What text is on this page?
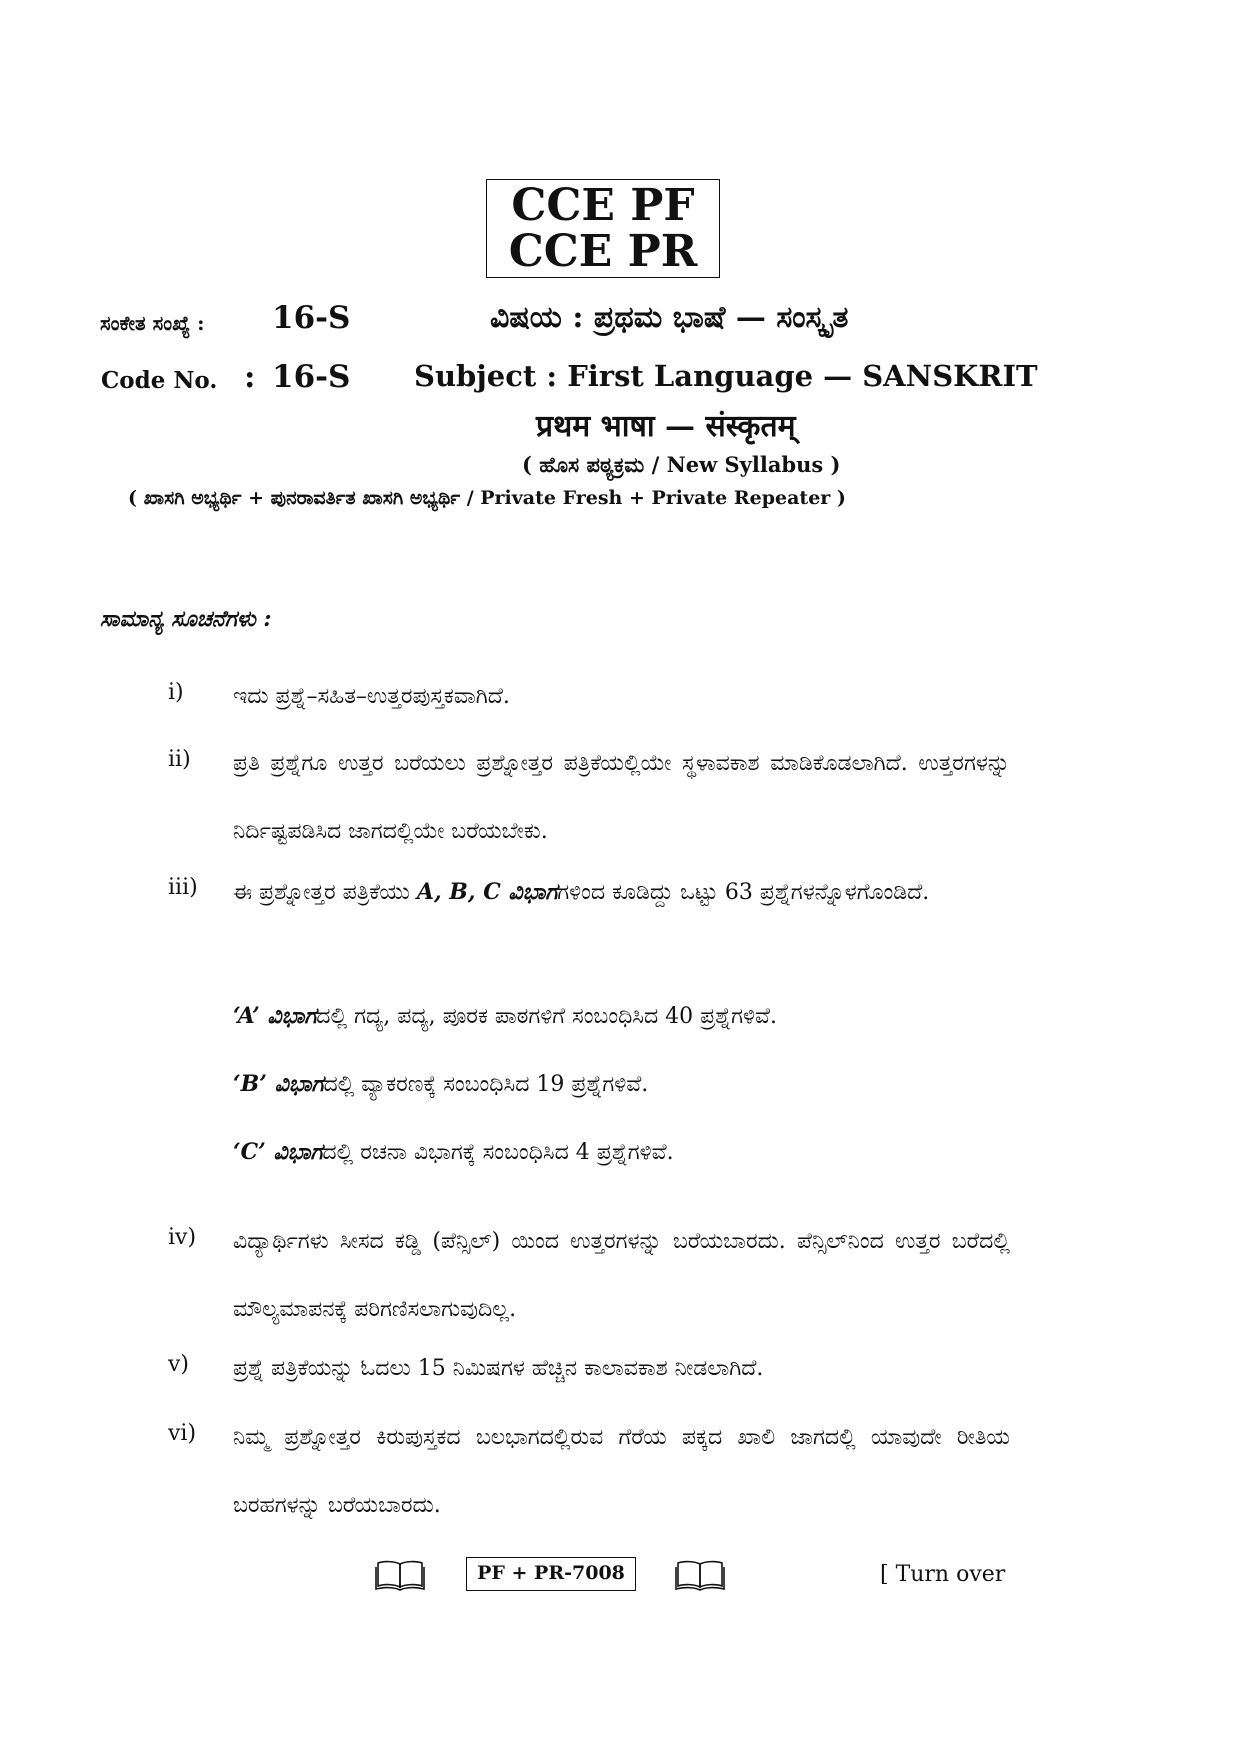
CCE PF
CCE PR
ಸಂಕೇತ ಸಂಖ್ಯೆ : 16-S	ವಿಷಯ : ಪ್ರಥಮ ಭಾಷೆ — ಸಂಸ್ಕೃತ
Code No. : 16-S Subject : First Language — SANSKRIT
प्रथम भाषा — संस्कृतम्
( ಹೊಸ ಪಠ್ಯಕ್ರಮ / New Syllabus )
( ಖಾಸಗಿ ಅಭ್ಯರ್ಥಿ + ಪುನರಾವರ್ತಿತ ಖಾಸಗಿ ಅಭ್ಯರ್ಥಿ / Private Fresh + Private Repeater )
ಸಾಮಾನ್ಯ ಸೂಚನೆಗಳು :
i)	ಇದು ಪ್ರಶ್ನೆ–ಸಹಿತ–ಉತ್ತರಪುಸ್ತಕವಾಗಿದೆ.
ii)	ಪ್ರತಿ ಪ್ರಶ್ನೆಗೂ ಉತ್ತರ ಬರೆಯಲು ಪ್ರಶ್ನೋತ್ತರ ಪತ್ರಿಕೆಯಲ್ಲಿಯೇ ಸ್ಥಳಾವಕಾಶ ಮಾಡಿಕೊಡಲಾಗಿದೆ. ಉತ್ತರಗಳನ್ನು ನಿರ್ದಿಷ್ಟಪಡಿಸಿದ ಜಾಗದಲ್ಲಿಯೇ ಬರೆಯಬೇಕು.
iii)	ಈ ಪ್ರಶ್ನೋತ್ತರ ಪತ್ರಿಕೆಯು A, B, C ವಿಭಾಗಗಳಿಂದ ಕೂಡಿದ್ದು ಒಟ್ಟು 63 ಪ್ರಶ್ನೆಗಳನ್ನೊಳಗೊಂಡಿದೆ.
‘A’ ವಿಭಾಗದಲ್ಲಿ ಗದ್ಯ, ಪದ್ಯ, ಪೂರಕ ಪಾಠಗಳಿಗೆ ಸಂಬಂಧಿಸಿದ 40 ಪ್ರಶ್ನೆಗಳಿವೆ.
‘B’ ವಿಭಾಗದಲ್ಲಿ ವ್ಯಾಕರಣಕ್ಕೆ ಸಂಬಂಧಿಸಿದ 19 ಪ್ರಶ್ನೆಗಳಿವೆ.
‘C’ ವಿಭಾಗದಲ್ಲಿ ರಚನಾ ವಿಭಾಗಕ್ಕೆ ಸಂಬಂಧಿಸಿದ 4 ಪ್ರಶ್ನೆಗಳಿವೆ.
iv)	ವಿದ್ಯಾರ್ಥಿಗಳು ಸೀಸದ ಕಡ್ಡಿ (ಪೆನ್ಸಿಲ್) ಯಿಂದ ಉತ್ತರಗಳನ್ನು ಬರೆಯಬಾರದು. ಪೆನ್ಸಿಲ್‌ನಿಂದ ಉತ್ತರ ಬರೆದಲ್ಲಿ ಮೌಲ್ಯಮಾಪನಕ್ಕೆ ಪರಿಗಣಿಸಲಾಗುವುದಿಲ್ಲ.
v)	ಪ್ರಶ್ನೆ ಪತ್ರಿಕೆಯನ್ನು ಓದಲು 15 ನಿಮಿಷಗಳ ಹೆಚ್ಚಿನ ಕಾಲಾವಕಾಶ ನೀಡಲಾಗಿದೆ.
vi)	ನಿಮ್ಮ ಪ್ರಶ್ನೋತ್ತರ ಕಿರುಪುಸ್ತಕದ ಬಲಭಾಗದಲ್ಲಿರುವ ಗೆರೆಯ ಪಕ್ಕದ ಖಾಲಿ ಜಾಗದಲ್ಲಿ ಯಾವುದೇ ರೀತಿಯ ಬರಹಗಳನ್ನು ಬರೆಯಬಾರದು.
PF + PR-7008	[ Turn over
